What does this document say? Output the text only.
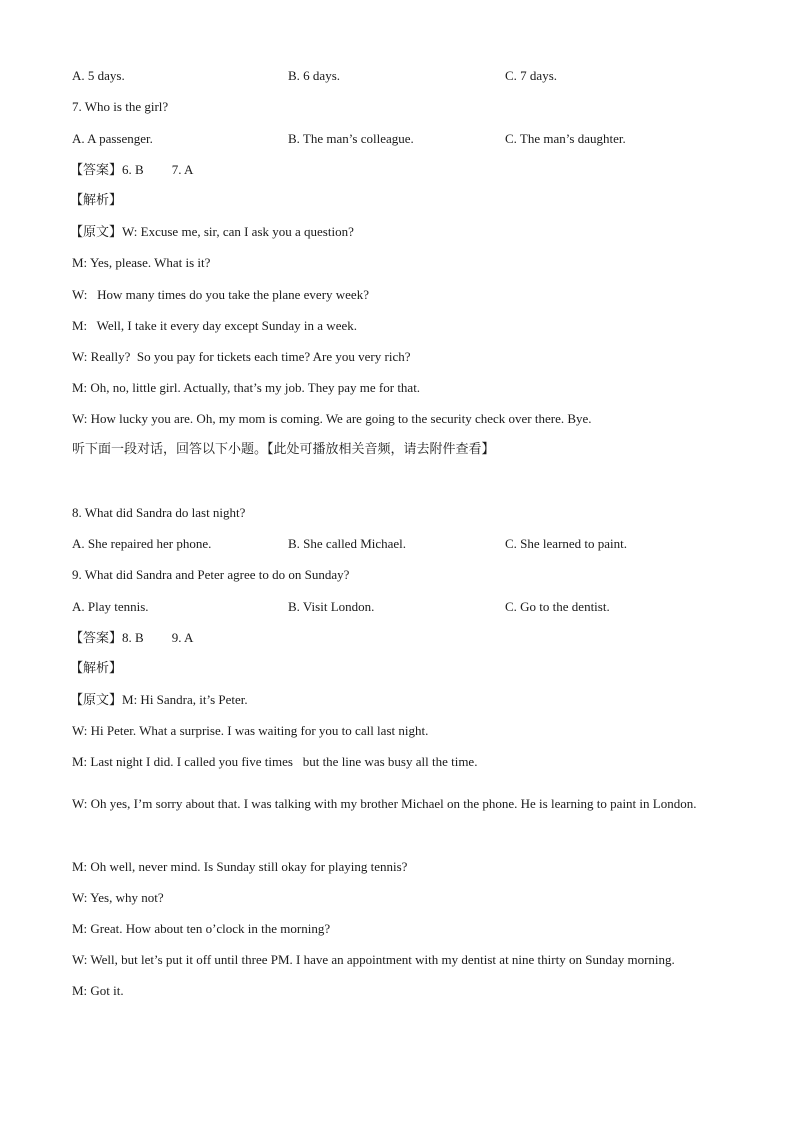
A. 5 days.	B. 6 days.	C. 7 days.
7. Who is the girl?
A. A passenger.	B. The man’s colleague.	C. The man’s daughter.
【答案】6. B 7. A
【解析】
【原文】W: Excuse me, sir, can I ask you a question?
M: Yes, please. What is it?
W:   How many times do you take the plane every week?
M:   Well, I take it every day except Sunday in a week.
W: Really?  So you pay for tickets each time? Are you very rich?
M: Oh, no, little girl. Actually, that’s my job. They pay me for that.
W: How lucky you are. Oh, my mom is coming. We are going to the security check over there. Bye.
听下面一段对话，回答以下小题。【此处可播放相关音频，请去附件查看】
8. What did Sandra do last night?
A. She repaired her phone.	B. She called Michael.	C. She learned to paint.
9. What did Sandra and Peter agree to do on Sunday?
A. Play tennis.	B. Visit London.	C. Go to the dentist.
【答案】8. B 9. A
【解析】
【原文】M: Hi Sandra, it’s Peter.
W: Hi Peter. What a surprise. I was waiting for you to call last night.
M: Last night I did. I called you five times   but the line was busy all the time.
W: Oh yes, I’m sorry about that. I was talking with my brother Michael on the phone. He is learning to paint in London.
M: Oh well, never mind. Is Sunday still okay for playing tennis?
W: Yes, why not?
M: Great. How about ten o’clock in the morning?
W: Well, but let’s put it off until three PM. I have an appointment with my dentist at nine thirty on Sunday morning.
M: Got it.
